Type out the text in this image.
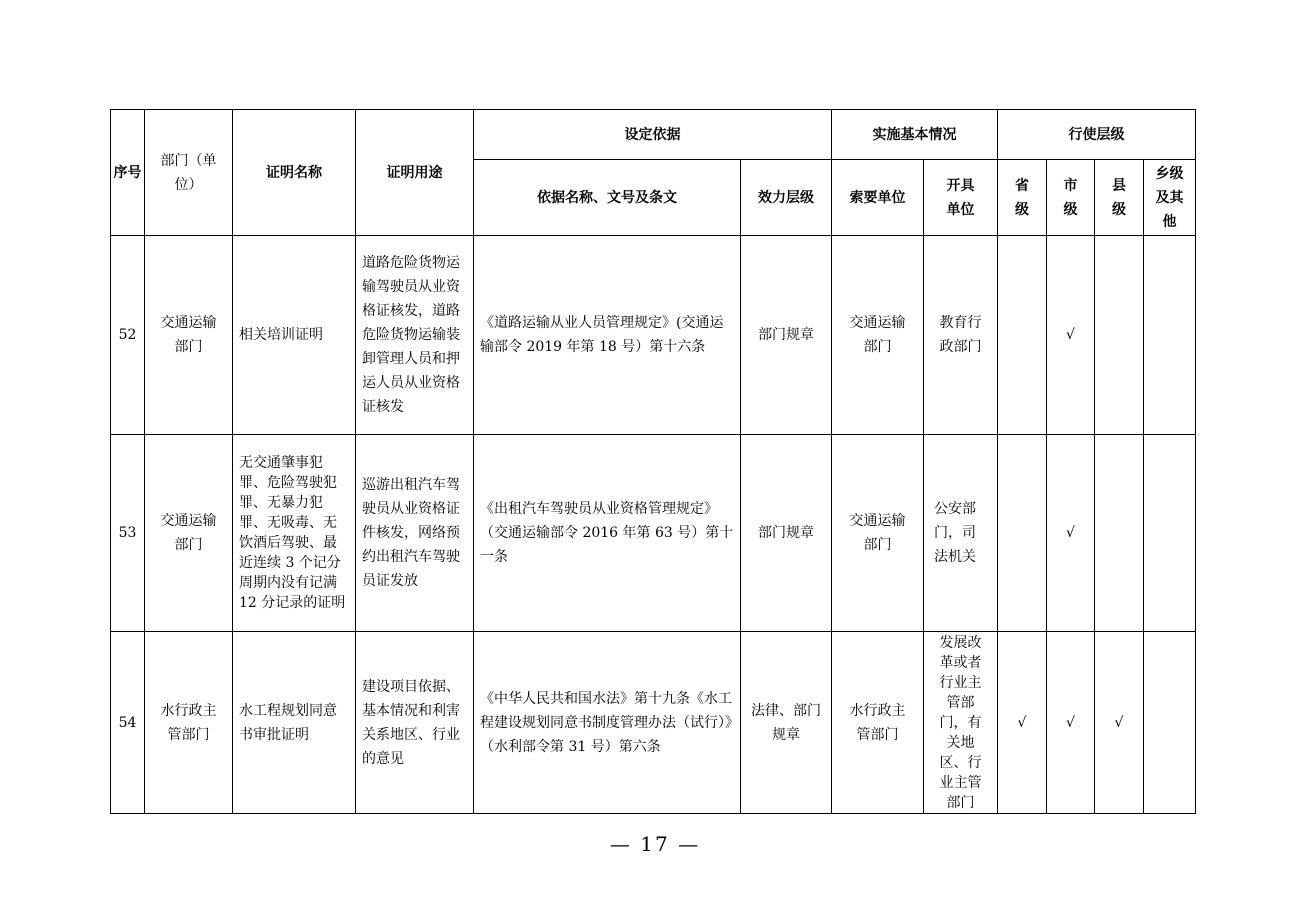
序号	部门（单位）	证明名称	证明用途	设定依据		实施基本情况		行使层级			
				依据名称、文号及条文	效力层级	索要单位	开具单位	省级	市级	县级	乡级及其他
52	交通运输部门	相关培训证明	道路危险货物运输驾驶员从业资格证核发，道路危险货物运输装卸管理人员和押运人员从业资格证核发	《道路运输从业人员管理规定》(交通运输部令 2019 年第 18 号）第十六条	部门规章	交通运输部门	教育行政部门		√		
53	交通运输部门	无交通肇事犯罪、危险驾驶犯罪、无暴力犯罪、无吸毒、无饮酒后驾驶、最近连续 3 个记分周期内没有记满 12 分记录的证明	巡游出租汽车驾驶员从业资格证件核发，网络预约出租汽车驾驶员证发放	《出租汽车驾驶员从业资格管理规定》（交通运输部令 2016 年第 63 号）第十一条	部门规章	交通运输部门	公安部门，司法机关		√		
54	水行政主管部门	水工程规划同意书审批证明	建设项目依据、基本情况和利害关系地区、行业的意见	《中华人民共和国水法》第十九条《水工程建设规划同意书制度管理办法（试行）》（水利部令第 31 号）第六条	法律、部门规章	水行政主管部门	发展改革或者行业主管部门，有关地区、行业主管部门	√	√	√	
— 17 —
